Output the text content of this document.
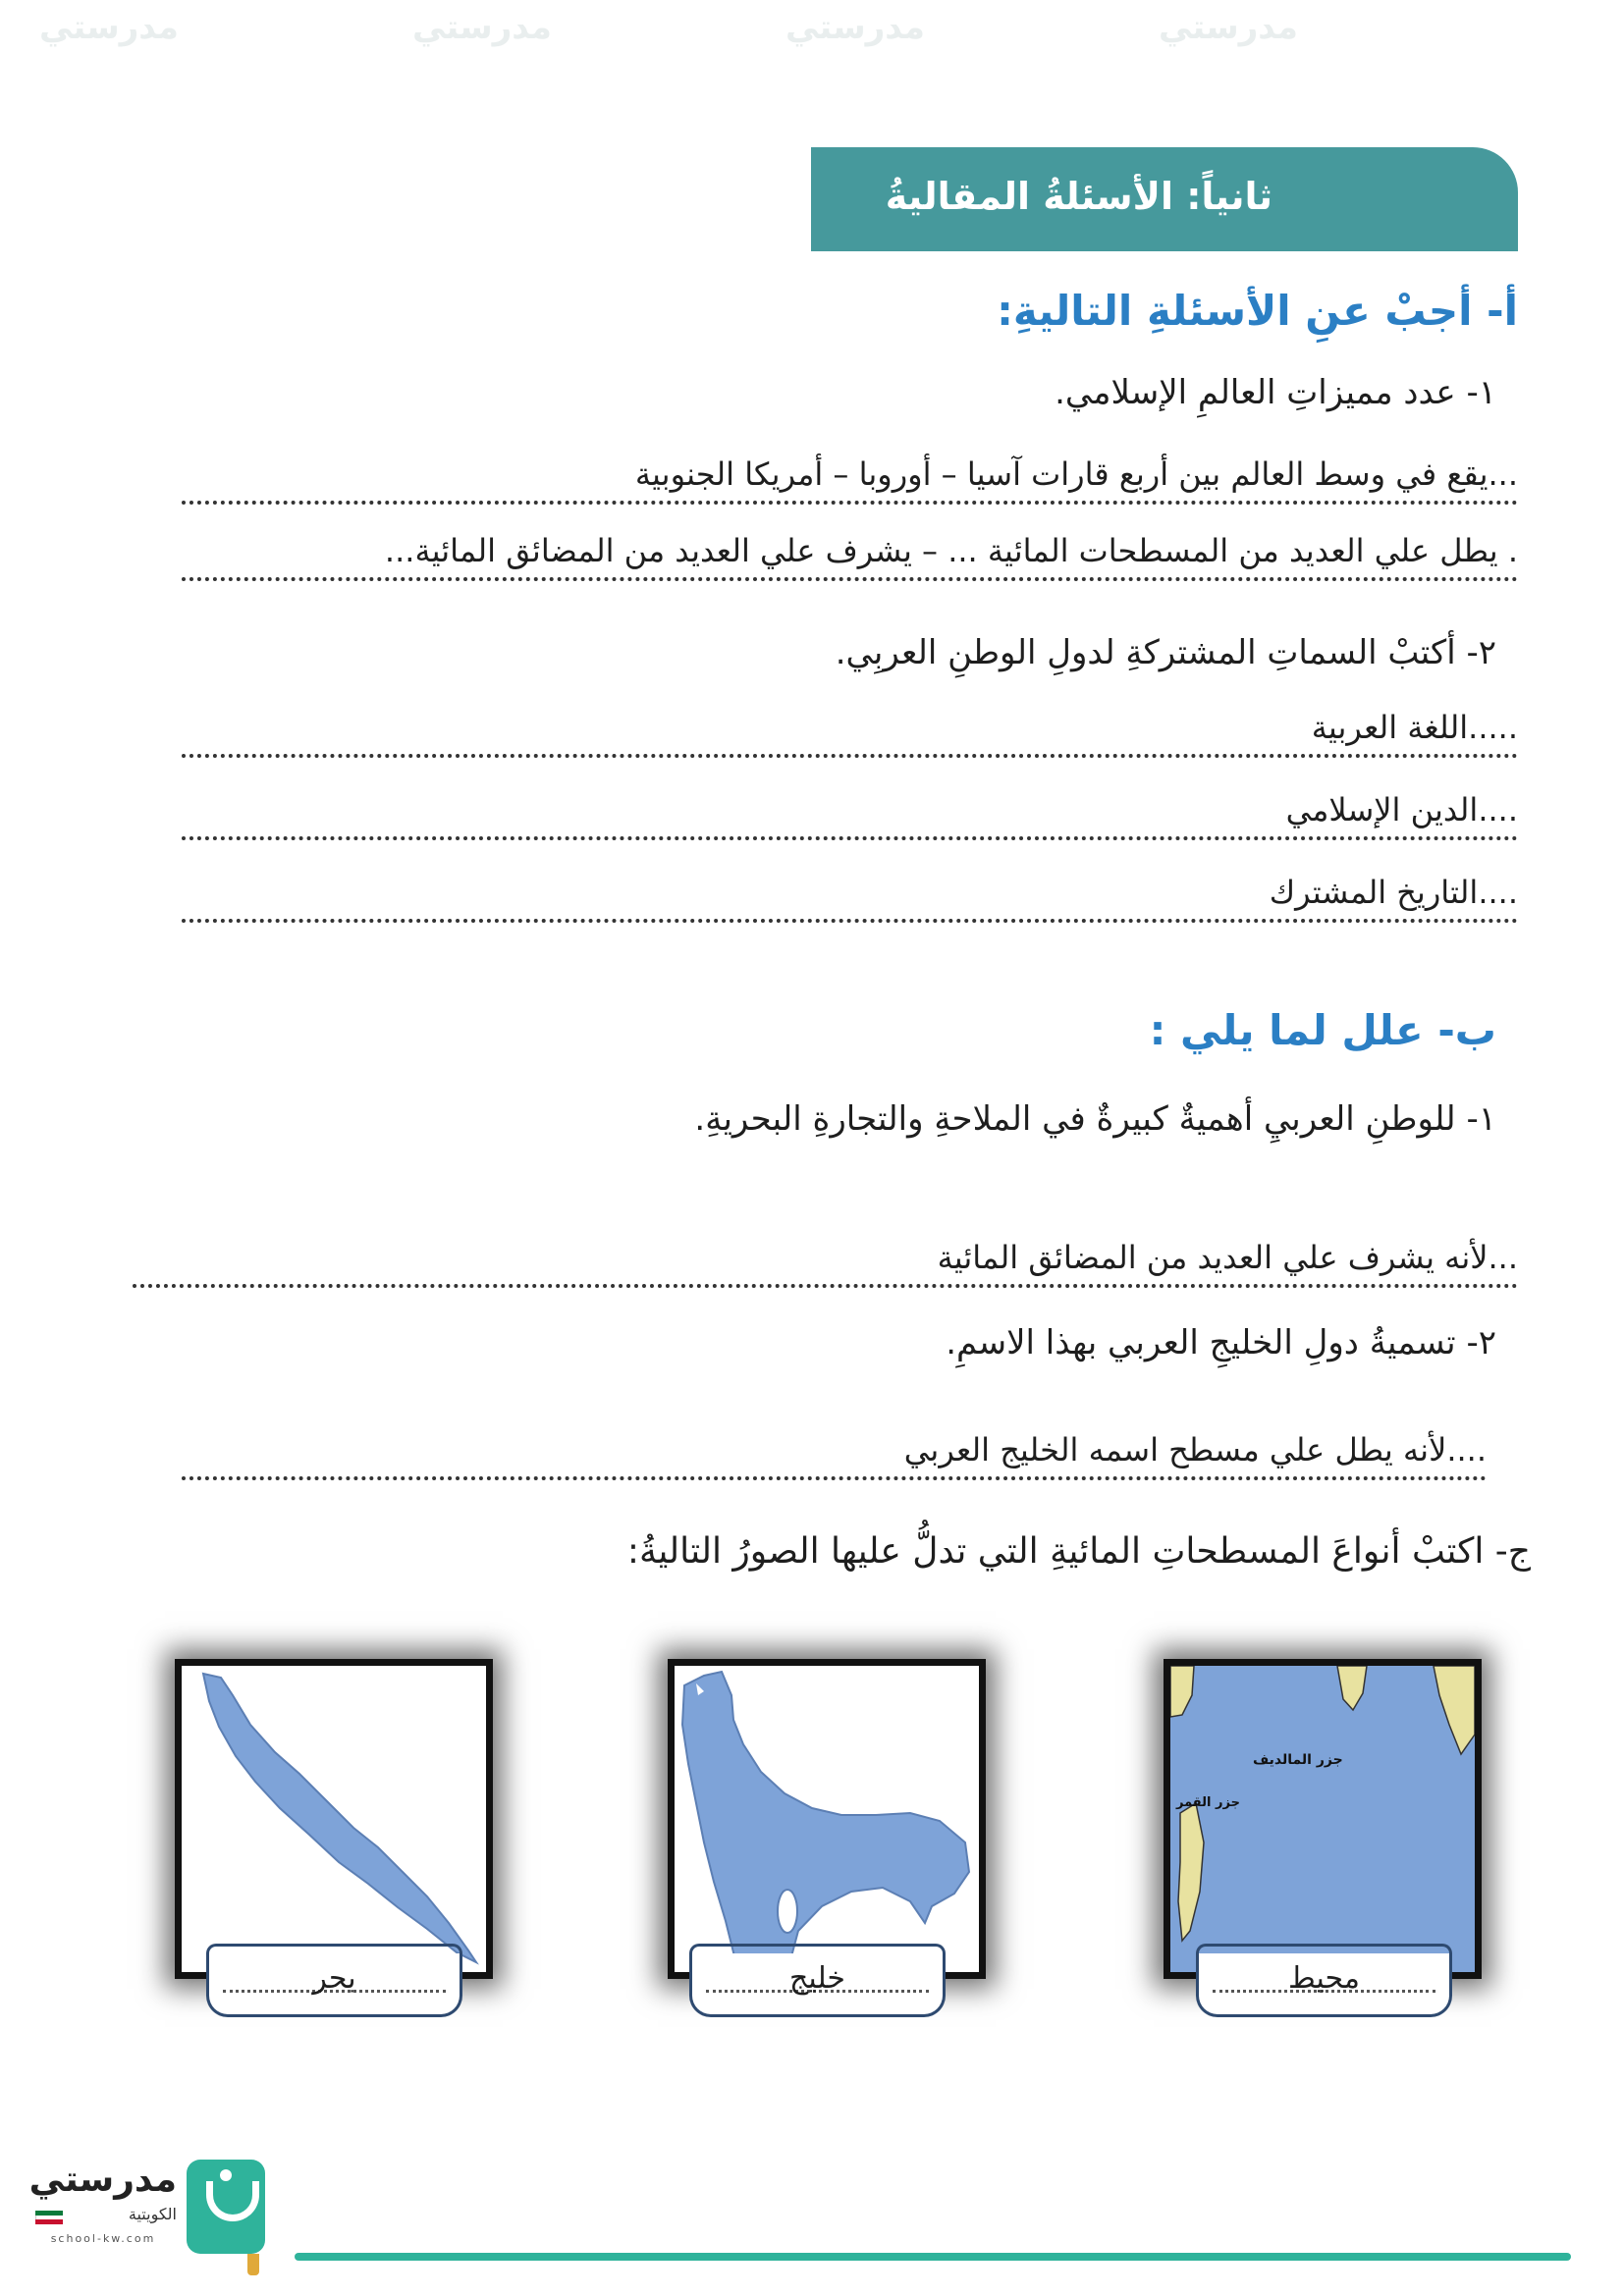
مدرستي	مدرستي	مدرستي	مدرستي
ثانياً: الأسئلةُ المقاليةُ
أ- أجبْ عنِ الأسئلةِ التاليةِ:
١- عدد مميزاتِ العالمِ الإسلامي.
...يقع في وسط العالم بين أربع قارات آسيا – أوروبا – أمريكا الجنوبية
. يطل علي العديد من المسطحات المائية ... – يشرف علي العديد من المضائق المائية...
٢- أكتبْ السماتِ المشتركةِ لدولِ الوطنِ العربِي.
.....اللغة العربية
....الدين الإسلامي
....التاريخ المشترك
ب- علل لما يلي :
١- للوطنِ العربيِ أهميةٌ كبيرةٌ في الملاحةِ والتجارةِ البحريةِ.
...لأنه يشرف علي العديد من المضائق المائية
٢- تسميةُ دولِ الخليجِ العربي بهذا الاسمِ.
....لأنه يطل علي مسطح اسمه الخليج العربي
ج- اكتبْ أنواعَ المسطحاتِ المائيةِ التي تدلُّ عليها الصورُ التاليةُ:
جزر المالديف
جزر القمر
بحر	خليج	محيط
مدرستي
الكويتية
school-kw.com
